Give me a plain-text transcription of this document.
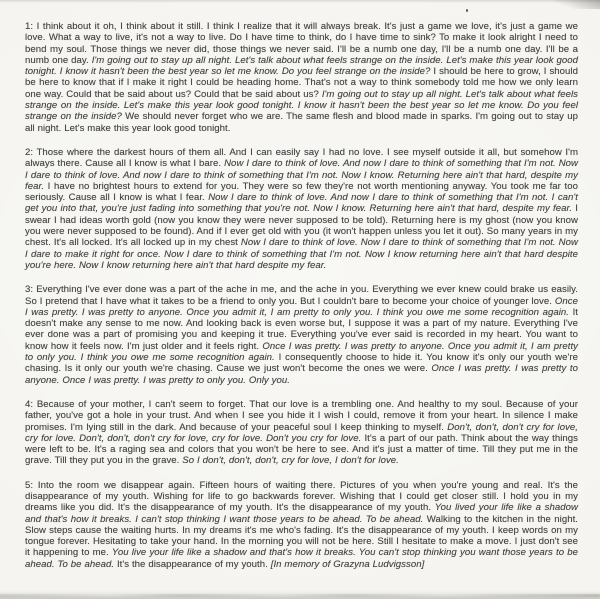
1: I think about it oh, I think about it still. I think I realize that it will always break. It's just a game we love, it's just a game we love. What a way to live, it's not a way to live. Do I have time to think, do I have time to sink? To make it look alright I need to bend my soul. Those things we never did, those things we never said. I'll be a numb one day, I'll be a numb one day. I'll be a numb one day. I'm going out to stay up all night. Let's talk about what feels strange on the inside. Let's make this year look good tonight. I know it hasn't been the best year so let me know. Do you feel strange on the inside? I should be here to grow, I should be here to know that if I make it right I could be heading home. That's not a way to think somebody told me how we only learn one way. Could that be said about us? Could that be said about us? I'm going out to stay up all night. Let's talk about what feels strange on the inside. Let's make this year look good tonight. I know it hasn't been the best year so let me know. Do you feel strange on the inside? We should never forget who we are. The same flesh and blood made in sparks. I'm going out to stay up all night. Let's make this year look good tonight.

2: Those where the darkest hours of them all. And I can easily say I had no love. I see myself outside it all, but somehow I'm always there. Cause all I know is what I bare. Now I dare to think of love. And now I dare to think of something that I'm not. Now I dare to think of love. And now I dare to think of something that I'm not. Now I know. Returning here ain't that hard, despite my fear. I have no brightest hours to extend for you. They were so few they're not worth mentioning anyway. You took me far too seriously. Cause all I know is what I fear. Now I dare to think of love. And now I dare to think of something that I'm not. I can't get you into that, you're just fading into something that you're not. Now I know. Returning here ain't that hard, despite my fear. I swear I had ideas worth gold (now you know they were never supposed to be told). Returning here is my ghost (now you know you were never supposed to be found). And if I ever get old with you (it won't happen unless you let it out). So many years in my chest. It's all locked. It's all locked up in my chest Now I dare to think of love. Now I dare to think of something that I'm not. Now I dare to make it right for once. Now I dare to think of something that I'm not. Now I know returning here ain't that hard despite you're here. Now I know returning here ain't that hard despite my fear.

3: Everything I've ever done was a part of the ache in me, and the ache in you. Everything we ever knew could brake us easily. So I pretend that I have what it takes to be a friend to only you. But I couldn't bare to become your choice of younger love. Once I was pretty. I was pretty to anyone. Once you admit it, I am pretty to only you. I think you owe me some recognition again. It doesn't make any sense to me now. And looking back is even worse but, I suppose it was a part of my nature. Everything I've ever done was a part of promising you and keeping it true. Everything you've ever said is recorded in my heart. You want to know how it feels now. I'm just older and it feels right. Once I was pretty. I was pretty to anyone. Once you admit it, I am pretty to only you. I think you owe me some recognition again. I consequently choose to hide it. You know it's only our youth we're chasing. Is it only our youth we're chasing. Cause we just won't become the ones we were. Once I was pretty. I was pretty to anyone. Once I was pretty. I was pretty to only you. Only you.

4: Because of your mother, I can't seem to forget. That our love is a trembling one. And healthy to my soul. Because of your father, you've got a hole in your trust. And when I see you hide it I wish I could, remove it from your heart. In silence I make promises. I'm lying still in the dark. And because of your peaceful soul I keep thinking to myself. Don't, don't, don't cry for love, cry for love. Don't, don't, don't cry for love, cry for love. Don't you cry for love. It's a part of our path. Think about the way things were left to be. It's a raging sea and colors that you won't be here to see. And it's just a matter of time. Till they put me in the grave. Till they put you in the grave. So I don't, don't, don't, cry for love, I don't for love.

5: Into the room we disappear again. Fifteen hours of waiting there. Pictures of you when you're young and real. It's the disappearance of my youth. Wishing for life to go backwards forever. Wishing that I could get closer still. I hold you in my dreams like you did. It's the disappearance of my youth. It's the disappearance of my youth. You lived your life like a shadow and that's how it breaks. I can't stop thinking I want those years to be ahead. To be ahead. Walking to the kitchen in the night. Slow steps cause the waiting hurts. In my dreams it's me who's fading. It's the disappearance of my youth. I keep words on my tongue forever. Hesitating to take your hand. In the morning you will not be here. Still I hesitate to make a move. I just don't see it happening to me. You live your life like a shadow and that's how it breaks. You can't stop thinking you want those years to be ahead. To be ahead. It's the disappearance of my youth. [In memory of Grazyna Ludvigsson]
